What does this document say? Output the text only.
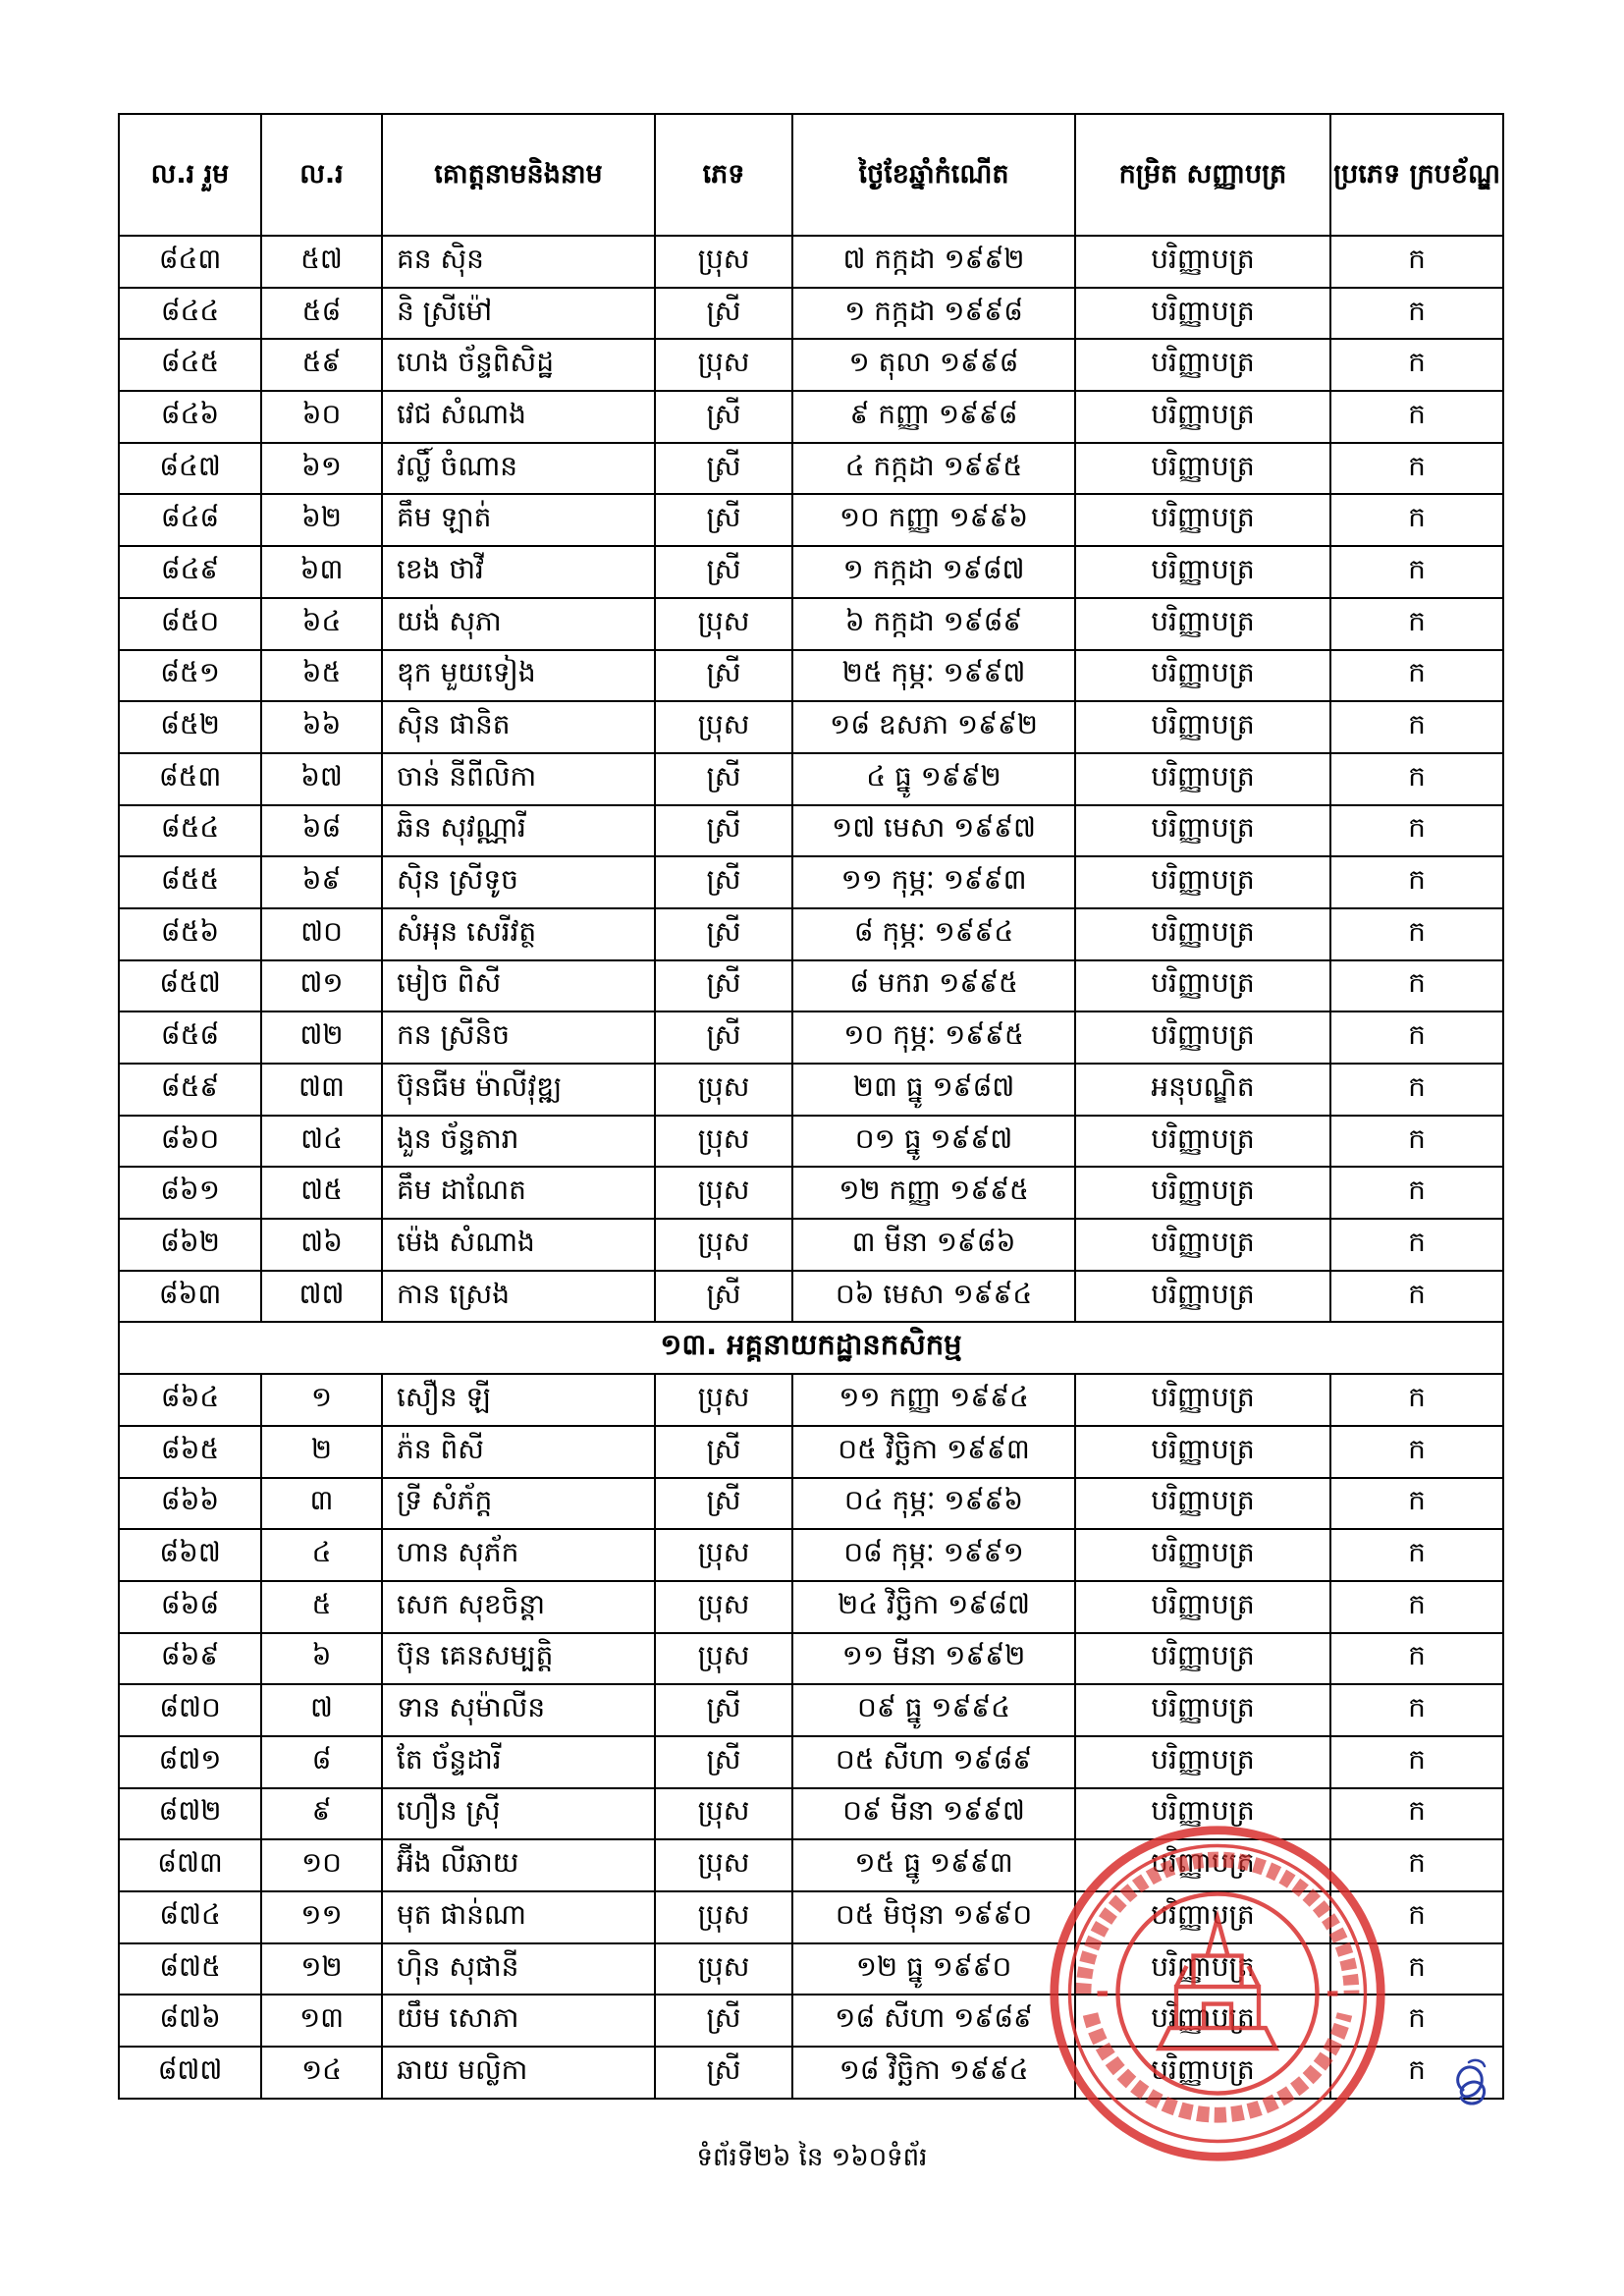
ល.រ រួម	ល.រ	គោត្តនាមនិងនាម	ភេទ	ថ្ងៃខែឆ្នាំកំណើត	កម្រិត សញ្ញាបត្រ	ប្រភេទ ក្របខ័ណ្ឌ
៨៤៣	៥៧	គន ស៊ិន	ប្រុស	៧ កក្កដា ១៩៩២	បរិញ្ញាបត្រ	ក
៨៤៤	៥៨	និ ស្រីម៉ៅ	ស្រី	១ កក្កដា ១៩៩៨	បរិញ្ញាបត្រ	ក
៨៤៥	៥៩	ហេង ច័ន្ទពិសិដ្ឋ	ប្រុស	១ តុលា ១៩៩៨	បរិញ្ញាបត្រ	ក
៨៤៦	៦០	វេជ សំណាង	ស្រី	៩ កញ្ញា ១៩៩៨	បរិញ្ញាបត្រ	ក
៨៤៧	៦១	វល្លិ៍ ចំណាន	ស្រី	៤ កក្កដា ១៩៩៥	បរិញ្ញាបត្រ	ក
៨៤៨	៦២	គឹម ឡាត់	ស្រី	១០ កញ្ញា ១៩៩៦	បរិញ្ញាបត្រ	ក
៨៤៩	៦៣	ខេង ថាវី	ស្រី	១ កក្កដា ១៩៨៧	បរិញ្ញាបត្រ	ក
៨៥០	៦៤	យង់ សុភា	ប្រុស	៦ កក្កដា ១៩៨៩	បរិញ្ញាបត្រ	ក
៨៥១	៦៥	ឌុក មួយទៀង	ស្រី	២៥ កុម្ភៈ ១៩៩៧	បរិញ្ញាបត្រ	ក
៨៥២	៦៦	ស៊ិន ផានិត	ប្រុស	១៨ ឧសភា ១៩៩២	បរិញ្ញាបត្រ	ក
៨៥៣	៦៧	ចាន់ នីពីលិកា	ស្រី	៤ ធ្នូ ១៩៩២	បរិញ្ញាបត្រ	ក
៨៥៤	៦៨	ឆិន សុវណ្ណារី	ស្រី	១៧ មេសា ១៩៩៧	បរិញ្ញាបត្រ	ក
៨៥៥	៦៩	ស៊ិន ស្រីទូច	ស្រី	១១ កុម្ភៈ ១៩៩៣	បរិញ្ញាបត្រ	ក
៨៥៦	៧០	សំអុន សេរីវត្ថ	ស្រី	៨ កុម្ភៈ ១៩៩៤	បរិញ្ញាបត្រ	ក
៨៥៧	៧១	មៀច ពិសី	ស្រី	៨ មករា ១៩៩៥	បរិញ្ញាបត្រ	ក
៨៥៨	៧២	កន ស្រីនិច	ស្រី	១០ កុម្ភៈ ១៩៩៥	បរិញ្ញាបត្រ	ក
៨៥៩	៧៣	ប៊ុនធីម ម៉ាលីវុឌ្ឍ	ប្រុស	២៣ ធ្នូ ១៩៨៧	អនុបណ្ឌិត	ក
៨៦០	៧៤	ងួន ច័ន្ទតារា	ប្រុស	០១ ធ្នូ ១៩៩៧	បរិញ្ញាបត្រ	ក
៨៦១	៧៥	គឹម ដាណែត	ប្រុស	១២ កញ្ញា ១៩៩៥	បរិញ្ញាបត្រ	ក
៨៦២	៧៦	ម៉េង សំណាង	ប្រុស	៣ មីនា ១៩៨៦	បរិញ្ញាបត្រ	ក
៨៦៣	៧៧	កាន ស្រេង	ស្រី	០៦ មេសា ១៩៩៤	បរិញ្ញាបត្រ	ក
១៣. អគ្គនាយកដ្ឋានកសិកម្ម						
៨៦៤	១	សឿន ឡី	ប្រុស	១១ កញ្ញា ១៩៩៤	បរិញ្ញាបត្រ	ក
៨៦៥	២	ភ៉ន ពិសី	ស្រី	០៥ វិច្ឆិកា ១៩៩៣	បរិញ្ញាបត្រ	ក
៨៦៦	៣	ទ្រី សំភ័ក្ត	ស្រី	០៤ កុម្ភៈ ១៩៩៦	បរិញ្ញាបត្រ	ក
៨៦៧	៤	ហាន សុភ័ក	ប្រុស	០៨ កុម្ភៈ ១៩៩១	បរិញ្ញាបត្រ	ក
៨៦៨	៥	សេក សុខចិន្តា	ប្រុស	២៤ វិច្ឆិកា ១៩៨៧	បរិញ្ញាបត្រ	ក
៨៦៩	៦	ប៊ុន គេនសម្បត្តិ	ប្រុស	១១ មីនា ១៩៩២	បរិញ្ញាបត្រ	ក
៨៧០	៧	ទាន សុម៉ាលីន	ស្រី	០៩ ធ្នូ ១៩៩៤	បរិញ្ញាបត្រ	ក
៨៧១	៨	តែ ច័ន្ទដារី	ស្រី	០៥ សីហា ១៩៨៩	បរិញ្ញាបត្រ	ក
៨៧២	៩	ហឿន ស៊្រី	ប្រុស	០៩ មីនា ១៩៩៧	បរិញ្ញាបត្រ	ក
៨៧៣	១០	អ៊ីង លីឆាយ	ប្រុស	១៥ ធ្នូ ១៩៩៣	បរិញ្ញាបត្រ	ក
៨៧៤	១១	មុត ផាន់ណា	ប្រុស	០៥ មិថុនា ១៩៩០	បរិញ្ញាបត្រ	ក
៨៧៥	១២	ហ៊ិន សុផានី	ប្រុស	១២ ធ្នូ ១៩៩០	បរិញ្ញាបត្រ	ក
៨៧៦	១៣	យឹម សោភា	ស្រី	១៨ សីហា ១៩៨៩	បរិញ្ញាបត្រ	ក
៨៧៧	១៤	ឆាយ មល្លិកា	ស្រី	១៨ វិច្ឆិកា ១៩៩៤	បរិញ្ញាបត្រ	ក
ទំព័រទី២៦ នៃ ១៦០ទំព័រ
